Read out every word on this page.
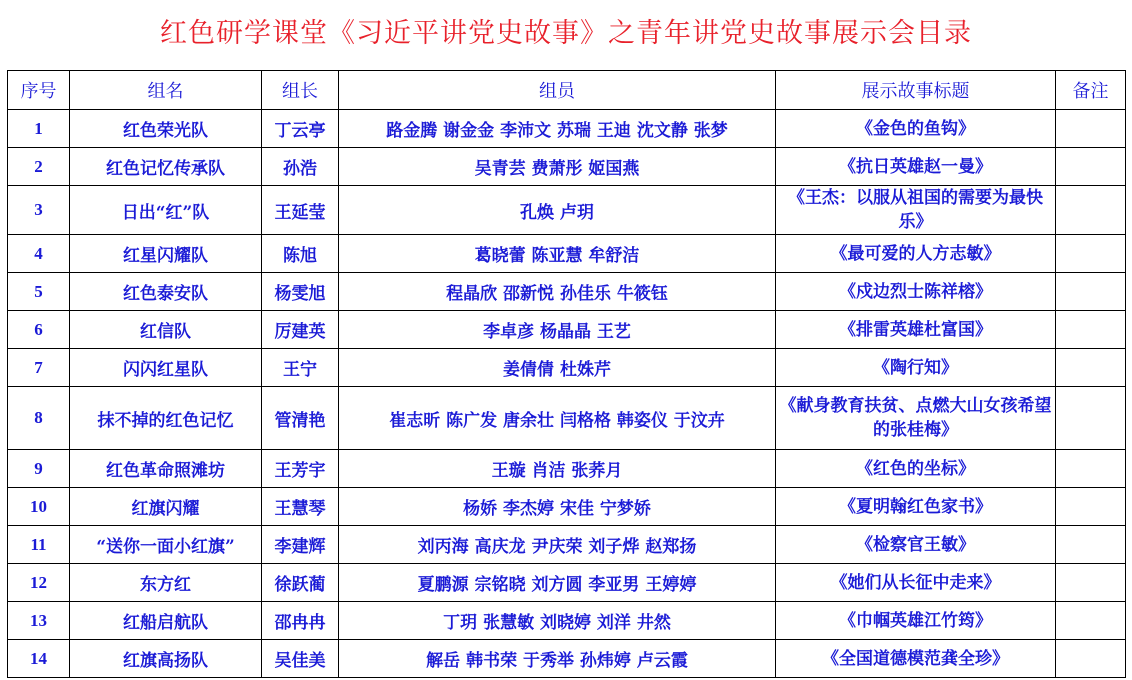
红色研学课堂《习近平讲党史故事》之青年讲党史故事展示会目录
序号	组名	组长	组员	展示故事标题	备注
1	红色荣光队	丁云亭	路金腾 谢金金 李沛文 苏瑞 王迪 沈文静 张梦	《金色的鱼钩》	
2	红色记忆传承队	孙浩	吴青芸 费萧彤 姬国燕	《抗日英雄赵一曼》	
3	日出“红”队	王延莹	孔焕 卢玥	《王杰：以服从祖国的需要为最快乐》	
4	红星闪耀队	陈旭	葛晓蕾 陈亚慧 牟舒洁	《最可爱的人方志敏》	
5	红色泰安队	杨雯旭	程晶欣 邵新悦 孙佳乐 牛筱钰	《戍边烈士陈祥榕》	
6	红信队	厉建英	李卓彦 杨晶晶 王艺	《排雷英雄杜富国》	
7	闪闪红星队	王宁	姜倩倩 杜姝芹	《陶行知》	
8	抹不掉的红色记忆	管清艳	崔志昕 陈广发 唐余壮 闫格格 韩姿仪 于汶卉	《献身教育扶贫、点燃大山女孩希望的张桂梅》	
9	红色革命照滩坊	王芳宇	王璇 肖洁 张荞月	《红色的坐标》	
10	红旗闪耀	王慧琴	杨娇 李杰婷 宋佳 宁梦娇	《夏明翰红色家书》	
11	“送你一面小红旗”	李建辉	刘丙海 高庆龙 尹庆荣 刘子烨 赵郑扬	《检察官王敏》	
12	东方红	徐跃蔺	夏鹏源 宗铭晓 刘方圆 李亚男 王婷婷	《她们从长征中走来》	
13	红船启航队	邵冉冉	丁玥 张慧敏 刘晓婷 刘洋 井然	《巾帼英雄江竹筠》	
14	红旗高扬队	吴佳美	解岳 韩书荣 于秀举 孙炜婷 卢云霞	《全国道德模范龚全珍》	
